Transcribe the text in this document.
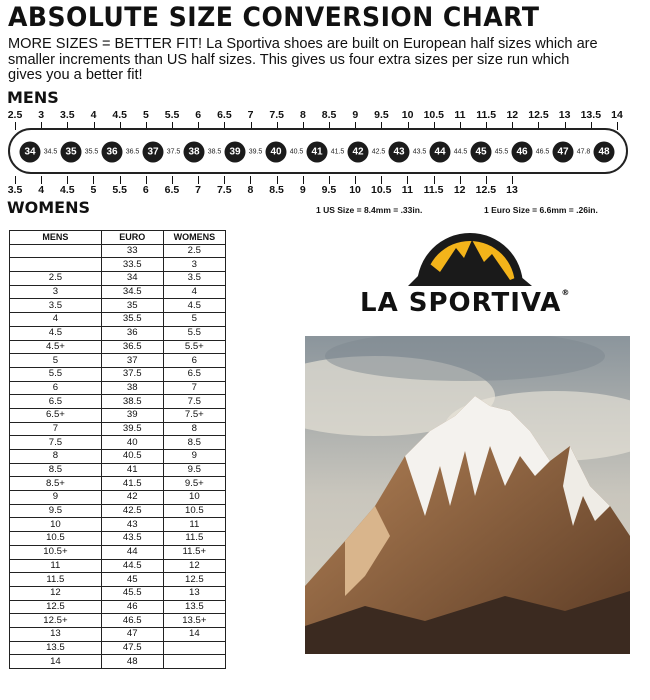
ABSOLUTE SIZE CONVERSION CHART
MORE SIZES = BETTER FIT! La Sportiva shoes are built on European half sizes which are
smaller increments than US half sizes. This gives us four extra sizes per size run which
gives you a better fit!
MENS
2.5 3 3.5 4 4.5 5 5.5 6 6.5 7 7.5 8 8.5 9 9.5 10 10.5 11 11.5 12 12.5 13 13.5 14
34	34.5 35	35.5 36	36.5 37	37.5 38	38.5 39	39.5 40	40.5 41	41.5 42	42.5 43	43.5 44	44.5 45	45.5 46	46.5 47	47.8 48
3.5 4 4.5 5 5.5 6 6.5 7 7.5 8 8.5 9 9.5 10 10.5 11 11.5 12 12.5 13
WOMENS	1 US Size = 8.4mm = .33in.	1 Euro Size = 6.6mm = .26in.
MENS	EURO	WOMENS
	33	2.5
	33.5	3
2.5	34	3.5
3	34.5	4
3.5	35	4.5
4	35.5	5
4.5	36	5.5
4.5+	36.5	5.5+
5	37	6
5.5	37.5	6.5
6	38	7
6.5	38.5	7.5
6.5+	39	7.5+
7	39.5	8
7.5	40	8.5
8	40.5	9
8.5	41	9.5
8.5+	41.5	9.5+
9	42	10
9.5	42.5	10.5
10	43	11
10.5	43.5	11.5
10.5+	44	11.5+
11	44.5	12
11.5	45	12.5
12	45.5	13
12.5	46	13.5
12.5+	46.5	13.5+
13	47	14
13.5	47.5	
14	48	
LA SPORTIVA®
